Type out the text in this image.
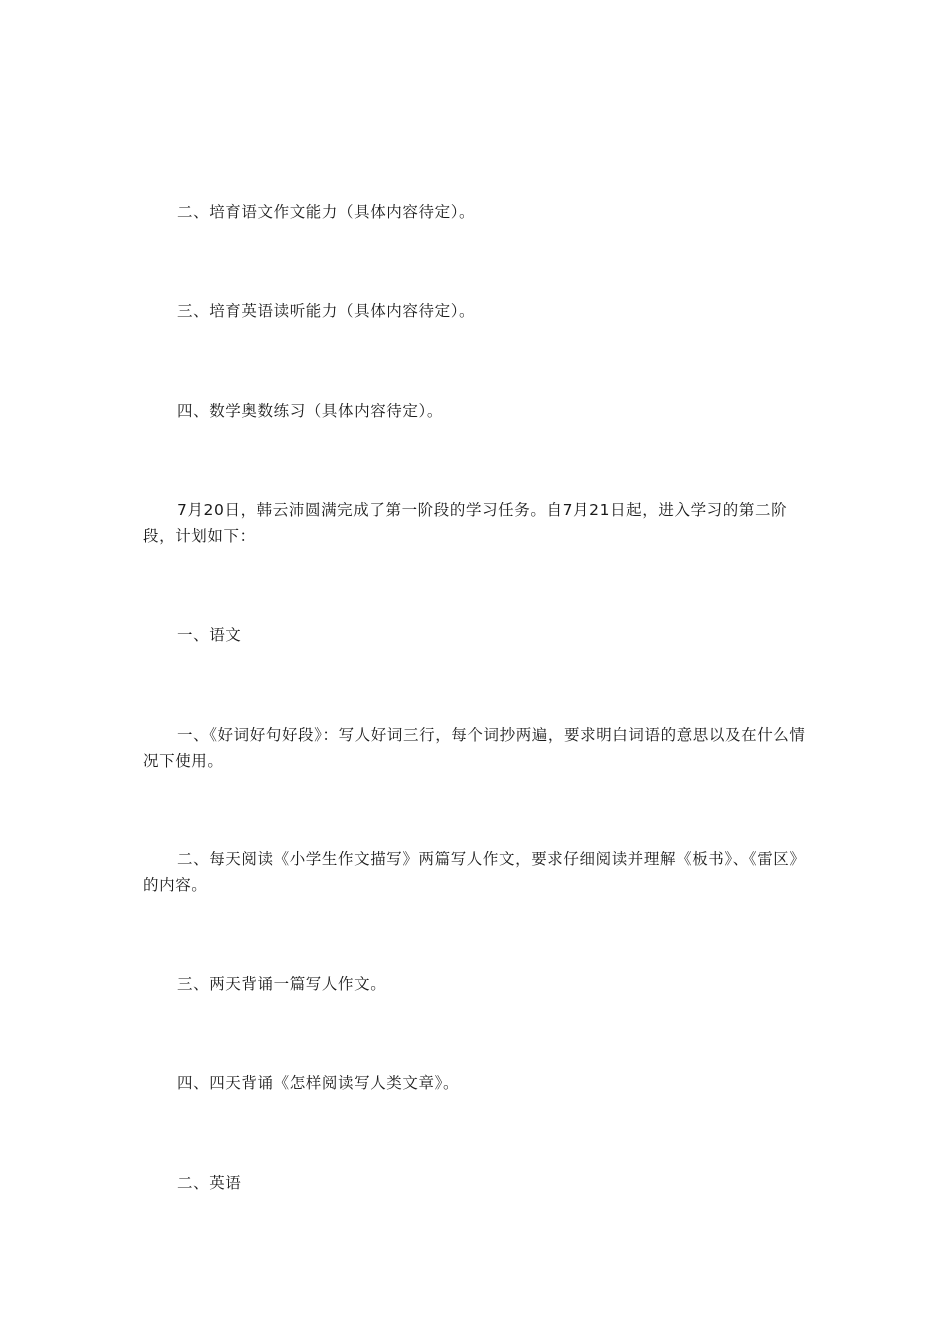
二、培育语文作文能力（具体内容待定）。

三、培育英语读听能力（具体内容待定）。

四、数学奥数练习（具体内容待定）。

7月20日，韩云沛圆满完成了第一阶段的学习任务。自7月21日起，进入学习的第二阶段，计划如下：

一、语文

一、《好词好句好段》：写人好词三行，每个词抄两遍，要求明白词语的意思以及在什么情况下使用。

二、每天阅读《小学生作文描写》两篇写人作文，要求仔细阅读并理解《板书》、《雷区》的内容。

三、两天背诵一篇写人作文。

四、四天背诵《怎样阅读写人类文章》。

二、英语
